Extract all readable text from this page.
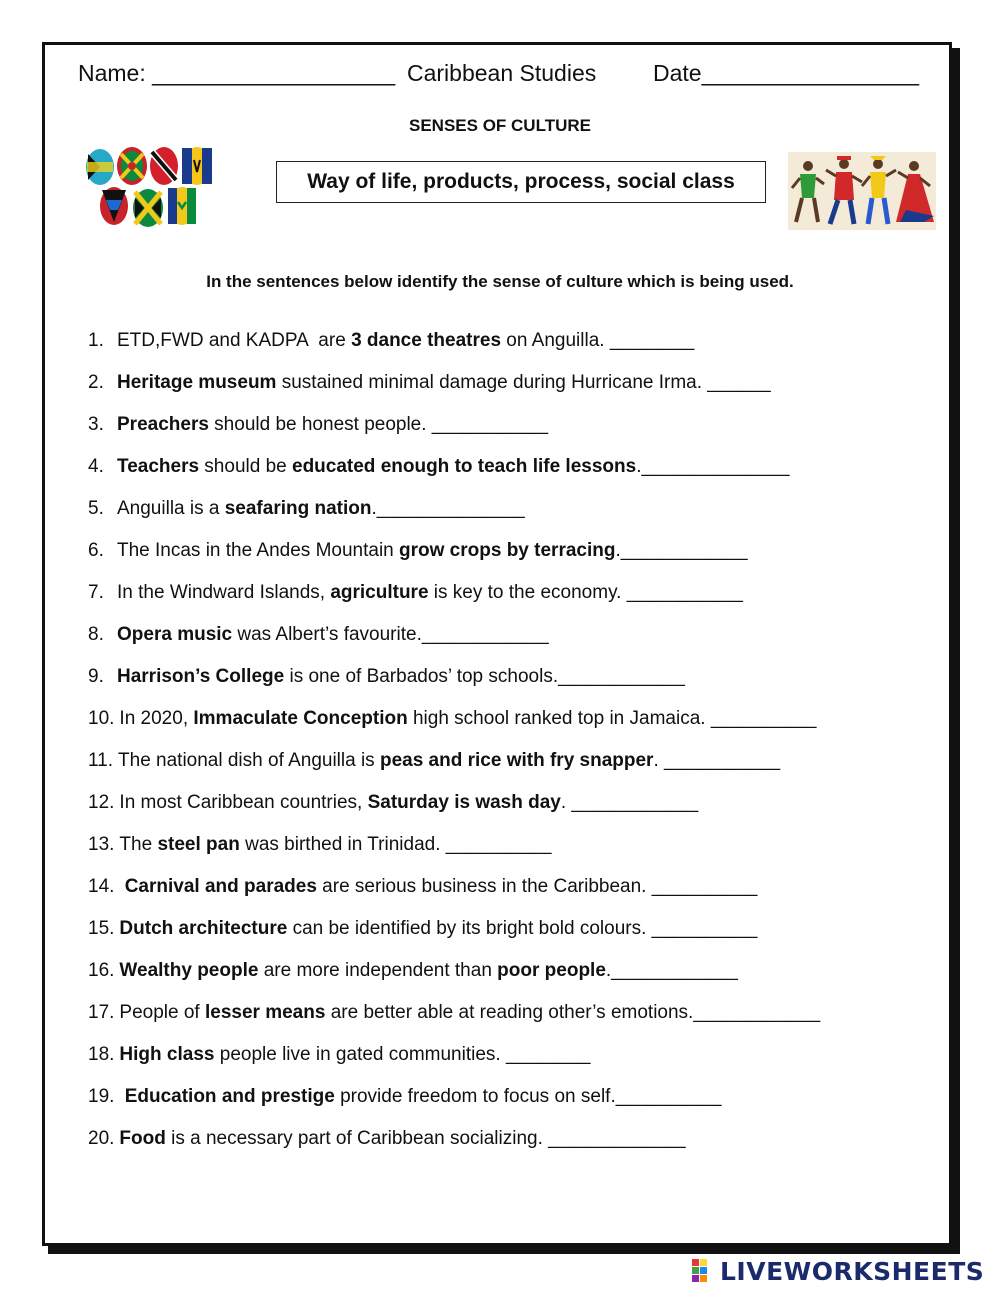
Name: ___________________ Caribbean Studies Date_________________
SENSES OF CULTURE
Way of life, products, process, social class
In the sentences below identify the sense of culture which is being used.
1. ETD,FWD and KADPA  are 3 dance theatres on Anguilla. ________
2. Heritage museum sustained minimal damage during Hurricane Irma. ______
3. Preachers should be honest people. ___________
4. Teachers should be educated enough to teach life lessons.______________
5. Anguilla is a seafaring nation.______________
6. The Incas in the Andes Mountain grow crops by terracing.____________
7. In the Windward Islands, agriculture is key to the economy. ___________
8. Opera music was Albert’s favourite.____________
9. Harrison’s College is one of Barbados’ top schools.____________
10. In 2020, Immaculate Conception high school ranked top in Jamaica. __________
11. The national dish of Anguilla is peas and rice with fry snapper. ___________
12. In most Caribbean countries, Saturday is wash day. ____________
13. The steel pan was birthed in Trinidad. __________
14. Carnival and parades are serious business in the Caribbean. __________
15. Dutch architecture can be identified by its bright bold colours. __________
16. Wealthy people are more independent than poor people.____________
17. People of lesser means are better able at reading other’s emotions.____________
18. High class people live in gated communities. ________
19. Education and prestige provide freedom to focus on self.__________
20. Food is a necessary part of Caribbean socializing. _____________
LIVEWORKSHEETS
